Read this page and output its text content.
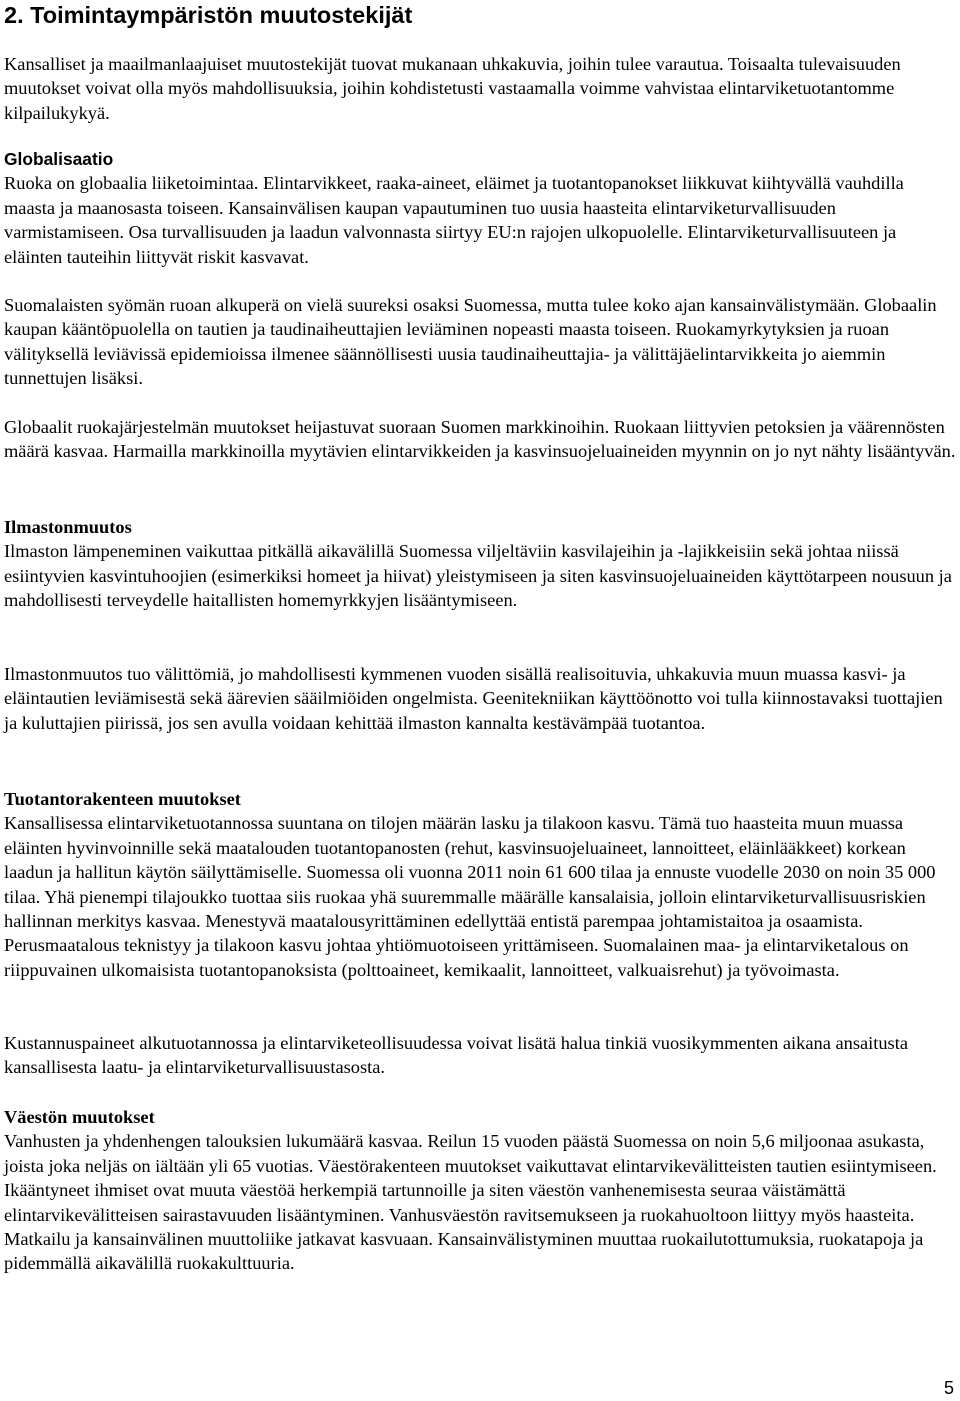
2. Toimintaympäristön muutostekijät

Kansalliset ja maailmanlaajuiset muutostekijät tuovat mukanaan uhkakuvia, joihin tulee varautua. Toisaalta tulevaisuuden muutokset voivat olla myös mahdollisuuksia, joihin kohdistetusti vastaamalla voimme vahvistaa elintarviketuotantomme kilpailukykyä.

Globalisaatio

Ruoka on globaalia liiketoimintaa. Elintarvikkeet, raaka-aineet, eläimet ja tuotantopanokset liikkuvat kiihtyvällä vauhdilla maasta ja maanosasta toiseen. Kansainvälisen kaupan vapautuminen tuo uusia haasteita elintarviketurvallisuuden varmistamiseen. Osa turvallisuuden ja laadun valvonnasta siirtyy EU:n rajojen ulkopuolelle. Elintarviketurvallisuuteen ja eläinten tauteihin liittyvät riskit kasvavat.

Suomalaisten syömän ruoan alkuperä on vielä suureksi osaksi Suomessa, mutta tulee koko ajan kansainvälistymään. Globaalin kaupan kääntöpuolella on tautien ja taudinaiheuttajien leviäminen nopeasti maasta toiseen. Ruokamyrkytyksien ja ruoan välityksellä leviävissä epidemioissa ilmenee säännöllisesti uusia taudinaiheuttajia- ja välittäjäelintarvikkeita jo aiemmin tunnettujen lisäksi.

Globaalit ruokajärjestelmän muutokset heijastuvat suoraan Suomen markkinoihin. Ruokaan liittyvien petoksien ja väärennösten määrä kasvaa. Harmailla markkinoilla myytävien elintarvikkeiden ja kasvinsuojeluaineiden myynnin on jo nyt nähty lisääntyvän.

Ilmastonmuutos

Ilmaston lämpeneminen vaikuttaa pitkällä aikavälillä Suomessa viljeltäviin kasvilajeihin ja -lajikkeisiin sekä johtaa niissä esiintyvien kasvintuhoojien (esimerkiksi homeet ja hiivat) yleistymiseen ja siten kasvinsuojeluaineiden käyttötarpeen nousuun ja mahdollisesti terveydelle haitallisten homemyrkkyjen lisääntymiseen.

Ilmastonmuutos tuo välittömiä, jo mahdollisesti kymmenen vuoden sisällä realisoituvia, uhkakuvia muun muassa kasvi- ja eläintautien leviämisestä sekä äärevien sääilmiöiden ongelmista. Geenitekniikan käyttöönotto voi tulla kiinnostavaksi tuottajien ja kuluttajien piirissä, jos sen avulla voidaan kehittää ilmaston kannalta kestävämpää tuotantoa.

Tuotantorakenteen muutokset

Kansallisessa elintarviketuotannossa suuntana on tilojen määrän lasku ja tilakoon kasvu. Tämä tuo haasteita muun muassa eläinten hyvinvoinnille sekä maatalouden tuotantopanosten (rehut, kasvinsuojeluaineet, lannoitteet, eläinlääkkeet) korkean laadun ja hallitun käytön säilyttämiselle. Suomessa oli vuonna 2011 noin 61 600 tilaa ja ennuste vuodelle 2030 on noin 35 000 tilaa. Yhä pienempi tilajoukko tuottaa siis ruokaa yhä suuremmalle määrälle kansalaisia, jolloin elintarviketurvallisuusriskien hallinnan merkitys kasvaa. Menestyvä maatalousyrittäminen edellyttää entistä parempaa johtamistaitoa ja osaamista. Perusmaatalous teknistyy ja tilakoon kasvu johtaa yhtiömuotoiseen yrittämiseen. Suomalainen maa- ja elintarviketalous on riippuvainen ulkomaisista tuotantopanoksista (polttoaineet, kemikaalit, lannoitteet, valkuaisrehut) ja työvoimasta.

Kustannuspaineet alkutuotannossa ja elintarviketeollisuudessa voivat lisätä halua tinkiä vuosikymmenten aikana ansaitusta kansallisesta laatu- ja elintarviketurvallisuustasosta.

Väestön muutokset

Vanhusten ja yhdenhengen talouksien lukumäärä kasvaa. Reilun 15 vuoden päästä Suomessa on noin 5,6 miljoonaa asukasta, joista joka neljäs on iältään yli 65 vuotias. Väestörakenteen muutokset vaikuttavat elintarvikevälitteisten tautien esiintymiseen. Ikääntyneet ihmiset ovat muuta väestöä herkempiä tartunnoille ja siten väestön vanhenemisesta seuraa väistämättä elintarvikevälitteisen sairastavuuden lisääntyminen. Vanhusväestön ravitsemukseen ja ruokahuoltoon liittyy myös haasteita. Matkailu ja kansainvälinen muuttoliike jatkavat kasvuaan. Kansainvälistyminen muuttaa ruokailutottumuksia, ruokatapoja ja pidemmällä aikavälillä ruokakulttuuria.

5
